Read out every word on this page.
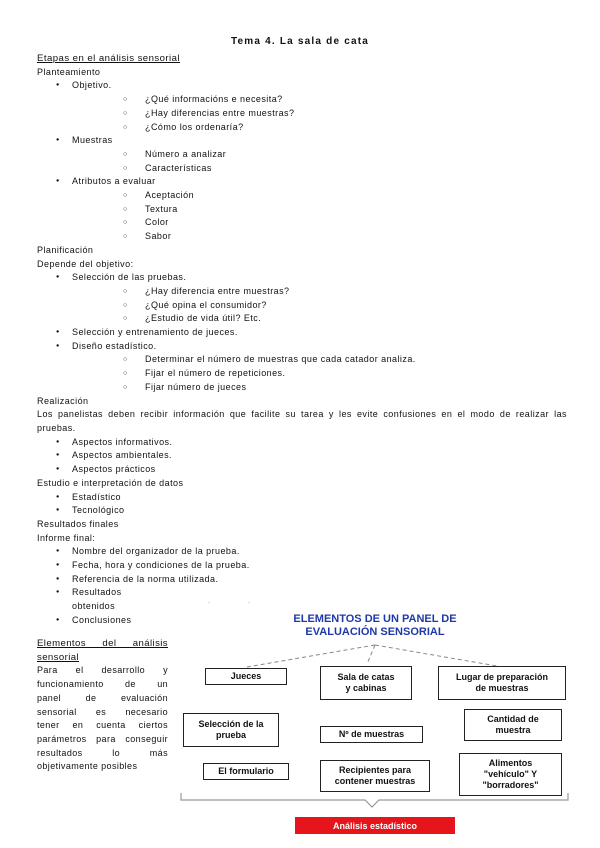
Tema 4. La sala de cata

Etapas en el análisis sensorial

Planteamiento

● Objetivo.
○ ¿Qué informacións e necesita?
○ ¿Hay diferencias entre muestras?
○ ¿Cómo los ordenaría?
● Muestras
○ Número a analizar
○ Características
● Atributos a evaluar
○ Aceptación
○ Textura
○ Color
○ Sabor

Planificación

Depende del objetivo:

● Selección de las pruebas.
○ ¿Hay diferencia entre muestras?
○ ¿Qué opina el consumidor?
○ ¿Estudio de vida útil? Etc.
● Selección y entrenamiento de jueces.
● Diseño estadístico.
○ Determinar el número de muestras que cada catador analiza.
○ Fijar el número de repeticiones.
○ Fijar número de jueces

Realización

Los panelistas deben recibir información que facilite su tarea y les evite confusiones en el modo de realizar las pruebas.

● Aspectos informativos.
● Aspectos ambientales.
● Aspectos prácticos

Estudio e interpretación de datos

● Estadístico
● Tecnológico

Resultados finales

Informe final:

● Nombre del organizador de la prueba.
● Fecha, hora y condiciones de la prueba.
● Referencia de la norma utilizada.
● Resultados
obtenidos
● Conclusiones
Elementos del análisis
sensorial
Para el desarrollo y
funcionamiento de un
panel de evaluación
sensorial es necesario
tener en cuenta ciertos
parámetros para conseguir
resultados lo más
objetivamente posibles
··
ELEMENTOS DE UN PANEL DE
EVALUACIÓN SENSORIAL
Jueces	Sala de catas
y cabinas
Lugar de preparación
de muestras
Selección de la
prueba	Nº de muestras
Cantidad de
muestra
El formulario	Recipientes para
contener muestras
Alimentos
"vehículo" Y
"borradores"
Análisis estadístico
